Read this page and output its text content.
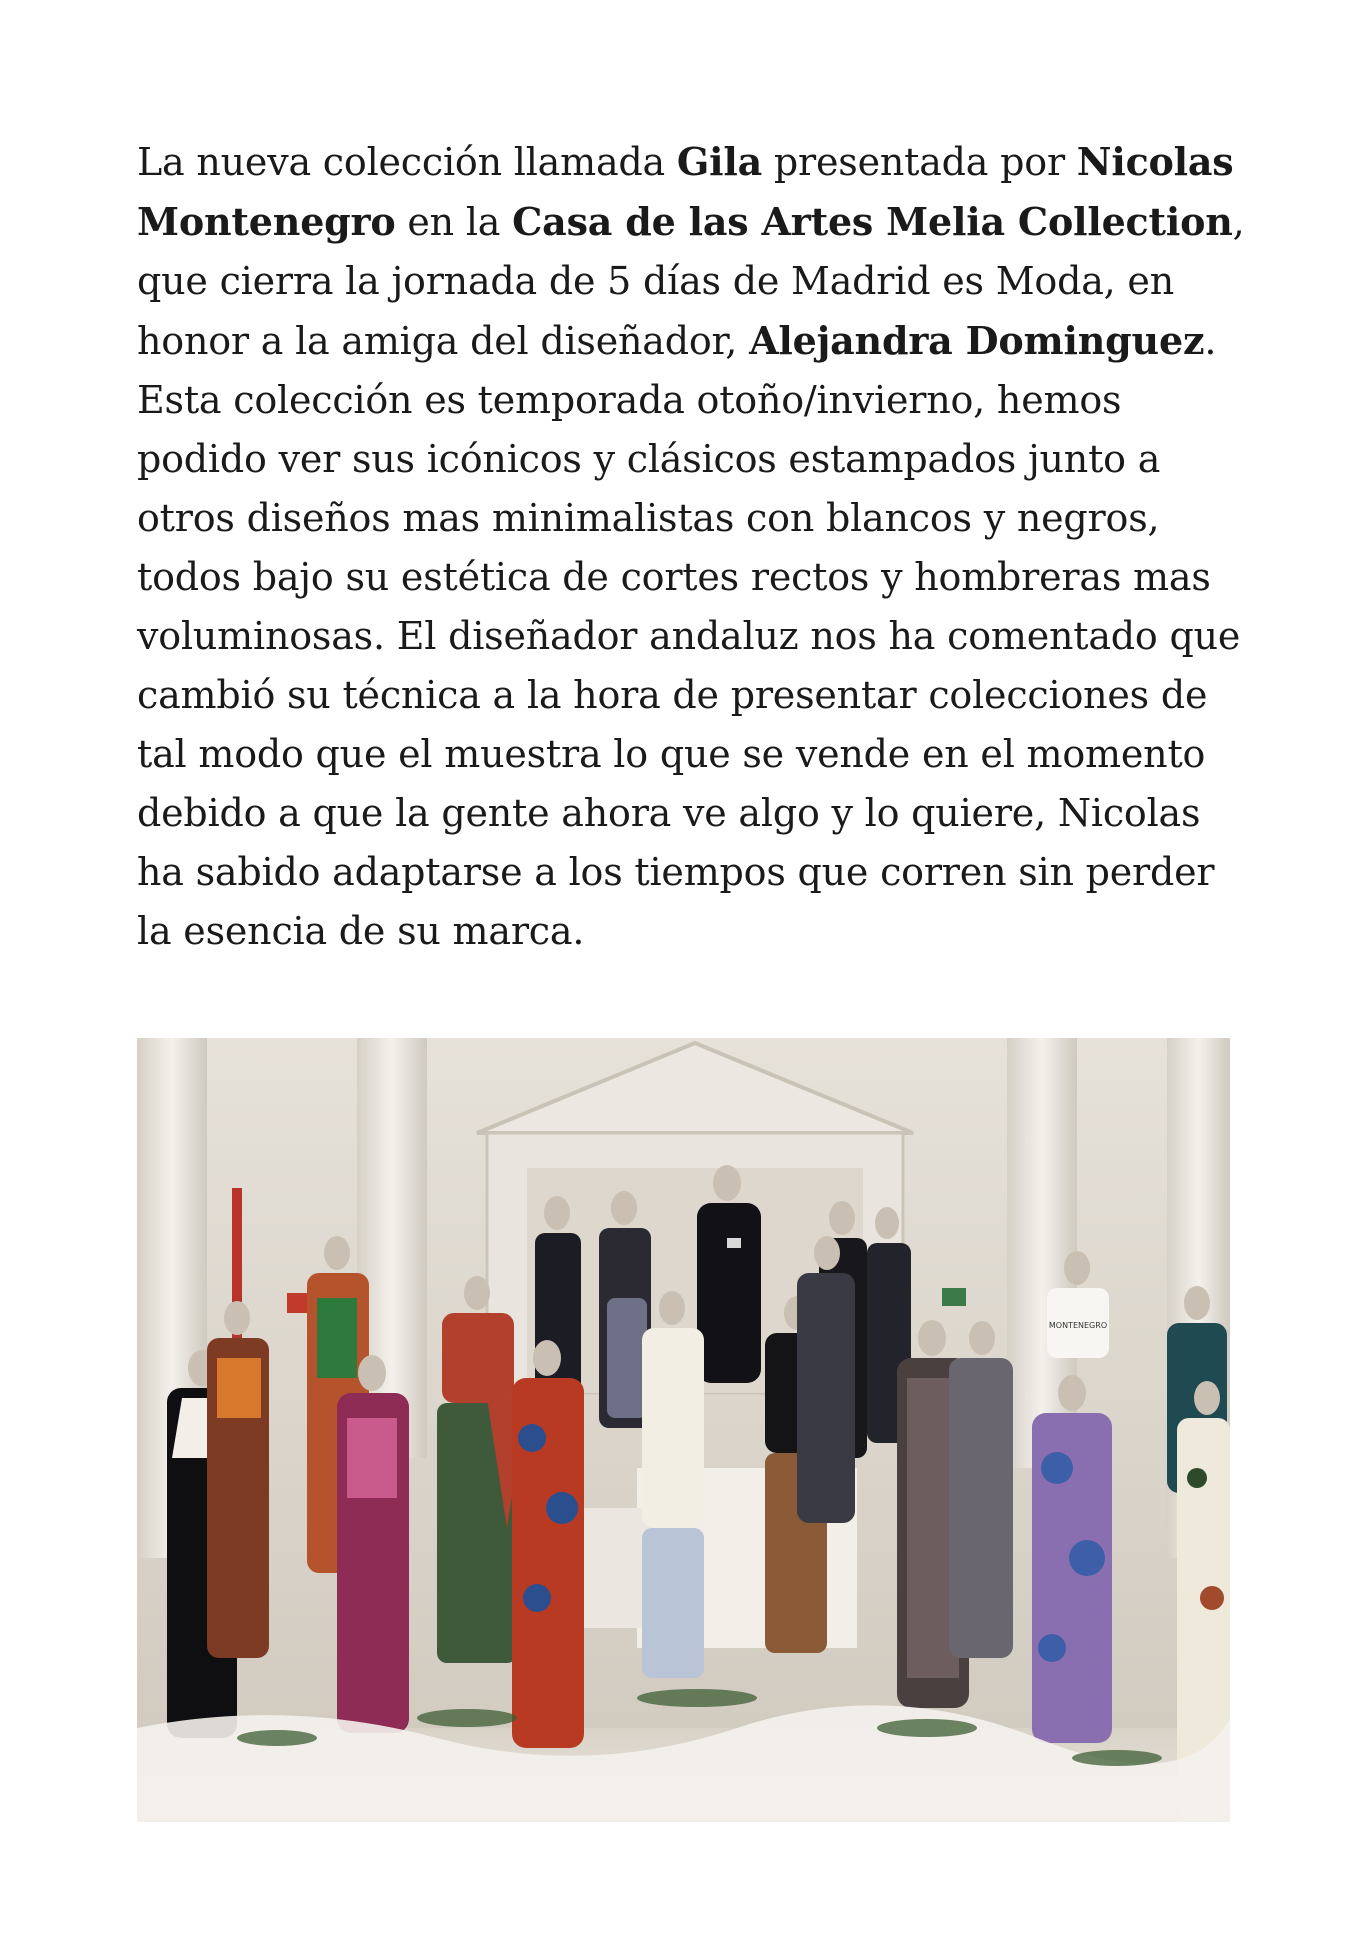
La nueva colección llamada Gila presentada por Nicolas Montenegro en la Casa de las Artes Melia Collection, que cierra la jornada de 5 días de Madrid es Moda, en honor a la amiga del diseñador, Alejandra Dominguez. Esta colección es temporada otoño/invierno, hemos podido ver sus icónicos y clásicos estampados junto a otros diseños mas minimalistas con blancos y negros, todos bajo su estética de cortes rectos y hombreras mas voluminosas. El diseñador andaluz nos ha comentado que cambió su técnica a la hora de presentar colecciones de tal modo que el muestra lo que se vende en el momento debido a que la gente ahora ve algo y lo quiere, Nicolas ha sabido adaptarse a los tiempos que corren sin perder la esencia de su marca.

MONTENEGRO
